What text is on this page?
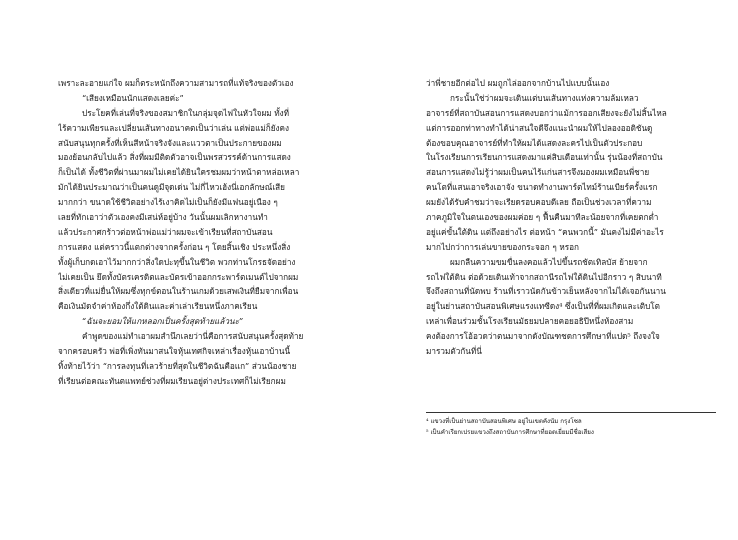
เพราะละอายแก่ใจ ผมก็ตระหนักถึงความสามารถที่แท้จริงของตัวเอง
“เสียงเหมือนนักแสดงเลยค่ะ”
ประโยคที่เล่นที่จริงของสมาชิกในกลุ่มจุดไฟในหัวใจผม ทั้งที่
ไร้ความเพียรและเปลี่ยนเส้นทางอนาคตเป็นว่าเล่น แต่พ่อแม่ก็ยังคง
สนับสนุนทุกครั้งที่เห็นสีหน้าจริงจังและแววตาเป็นประกายของผม
มองย้อนกลับไปแล้ว สิ่งที่ผมมีติดตัวอาจเป็นพรสวรรค์ด้านการแสดง
ก็เป็นได้ ทั้งชีวิตที่ผ่านมาผมไม่เคยได้ยินใครชมผมว่าหน้าตาหล่อเหลา
มักได้ยินประมาณว่าเป็นคนดูมีจุดเด่น ไม่กี่ไหวเฮ้งนี่เอกลักษณ์เสีย
มากกว่า ขนาดใช้ชีวิตอย่างไร้เงาคิดไม่เป็นก็ยังมีแฟนอยู่เนือง ๆ
เลยที่ทักเอาว่าตัวเองคงมีเสน่ห์อยู่บ้าง วันนั้นผมเลิกหางานทำ
แล้วประกาศกร้าวต่อหน้าพ่อแม่ว่าผมจะเข้าเรียนที่สถาบันสอน
การแสดง แต่คราวนี้แตกต่างจากครั้งก่อน ๆ โดยสิ้นเชิง ประหนึ่งสิ่ง
ทั้งผู้เก็บกดเอาไว้มากกว่าสิ่งใดปะทุขึ้นในชีวิต พวกท่านโกรธจัดอย่าง
ไม่เคยเป็น ยึดทั้งบัตรเครดิตและบัตรเข้าออกกระพาร์ตเมนต์ไปจากผม
สิ่งเดียวที่แม่ยื่นให้ผมซึ่งทุกข์ตอนในร้านเกมด้วยเสพเงินที่ยืมจากเพื่อน
คือเงินมัดจำค่าห้องกึ่งใต้ดินและค่าเล่าเรียนหนึ่งภาคเรียน
“ฉันจะยอมให้แกหลอกเป็นครั้งสุดท้ายแล้วนะ”
คำพูดของแม่ทำเอาผมสำนึกเลยว่านี่คือการสนับสนุนครั้งสุดท้าย
จากครอบครัว พ่อที่เพิ่งทันมาสนใจหุ้นเทศกิจเหล่าเรื่องหุ้นเอาบ้านนี้
ทิ้งท้ายไว้ว่า “การลงทุนที่เลวร้ายที่สุดในชีวิตฉันคือแก” ส่วนน้องชาย
ที่เรียนต่อคณะทันตแพทย์ช่วงที่ผมเรียนอยู่ต่างประเทศก็ไม่เรียกผม
ว่าพี่ชายอีกต่อไป ผมถูกไล่ออกจากบ้านไปแบบนั้นเอง
กระนั้นใช่ว่าผมจะเดินแต่บนเส้นทางแห่งความล้มเหลว
อาจารย์ที่สถาบันสอนการแสดงบอกว่าแม้การออกเสียงจะยังไม่สิ้นไหล
แต่การออกท่าทางทำได้น่าสนใจดีจึงแนะนำผมให้ไปลองออดิชันดู
ต้องขอบคุณอาจารย์ที่ทำให้ผมได้แสดงละครไปเป็นตัวประกอบ
ในโรงเรียนการเรียนการแสดงมาแค่สิบเดือนเท่านั้น รุ่นน้องที่สถาบัน
สอนการแสดงไม่รู้ว่าผมเป็นคนไร้แก่นสารจึงมองผมเหมือนพี่ชาย
คนโตที่แสนเอาจริงเอาจัง ขนาดทำงานพาร์ตไทม์ร้านเบียร์ครั้งแรก
ผมยังได้รับคำชมว่าจะเรียดรอบคอบดีเลย ถือเป็นช่วงเวลาที่ความ
ภาคภูมิใจในตนเองของผมค่อย ๆ ฟื้นคืนมาทีละน้อยจากที่เคยตกต่ำ
อยู่แค่ขั้นใต้ดิน แต่ถึงอย่างไร ต่อหน้า “คนพวกนี้” มันคงไม่มีค่าอะไร
มากไปกว่าการเล่นขายของกระจอก ๆ หรอก
ผมกลืนความขมขื่นลงคอแล้วไปขึ้นรถชัตเทิลบัส ย้ายจาก
รถไฟใต้ดิน ต่อด้วยเดินเท้าจากสถานีรถไฟใต้ดินไปอีกราว ๆ สิบนาที
จึงถึงสถานที่นัดพบ ร้านที่เราวนัดกันข้าวเย็นหลังจากไม่ได้เจอกันนาน
อยู่ในย่านสถาบันสอนพิเศษแรงแทซีดง⁴ ซึ่งเป็นที่ที่ผมเกิดและเติบโต
เหล่าเพื่อนร่วมชั้นโรงเรียนมัธยมปลายคอยอธิปีหนึ่งห้องสาม
คงต้องการโอ้อวดว่าตนมาจากดังบัณฑชดการศึกษาที่แปด⁵ ถึงจงใจ
มารวมตัวกันที่นี่
⁴ แขวงที่เป็นย่านสถาบันสอนพิเศษ อยู่ในเขตคังนัม กรุงโซล
⁵ เป็นคำเรียกเปรยแขวงถึงสถาบันการศึกษาที่ยอดเยี่ยมมีชื่อเสียง
